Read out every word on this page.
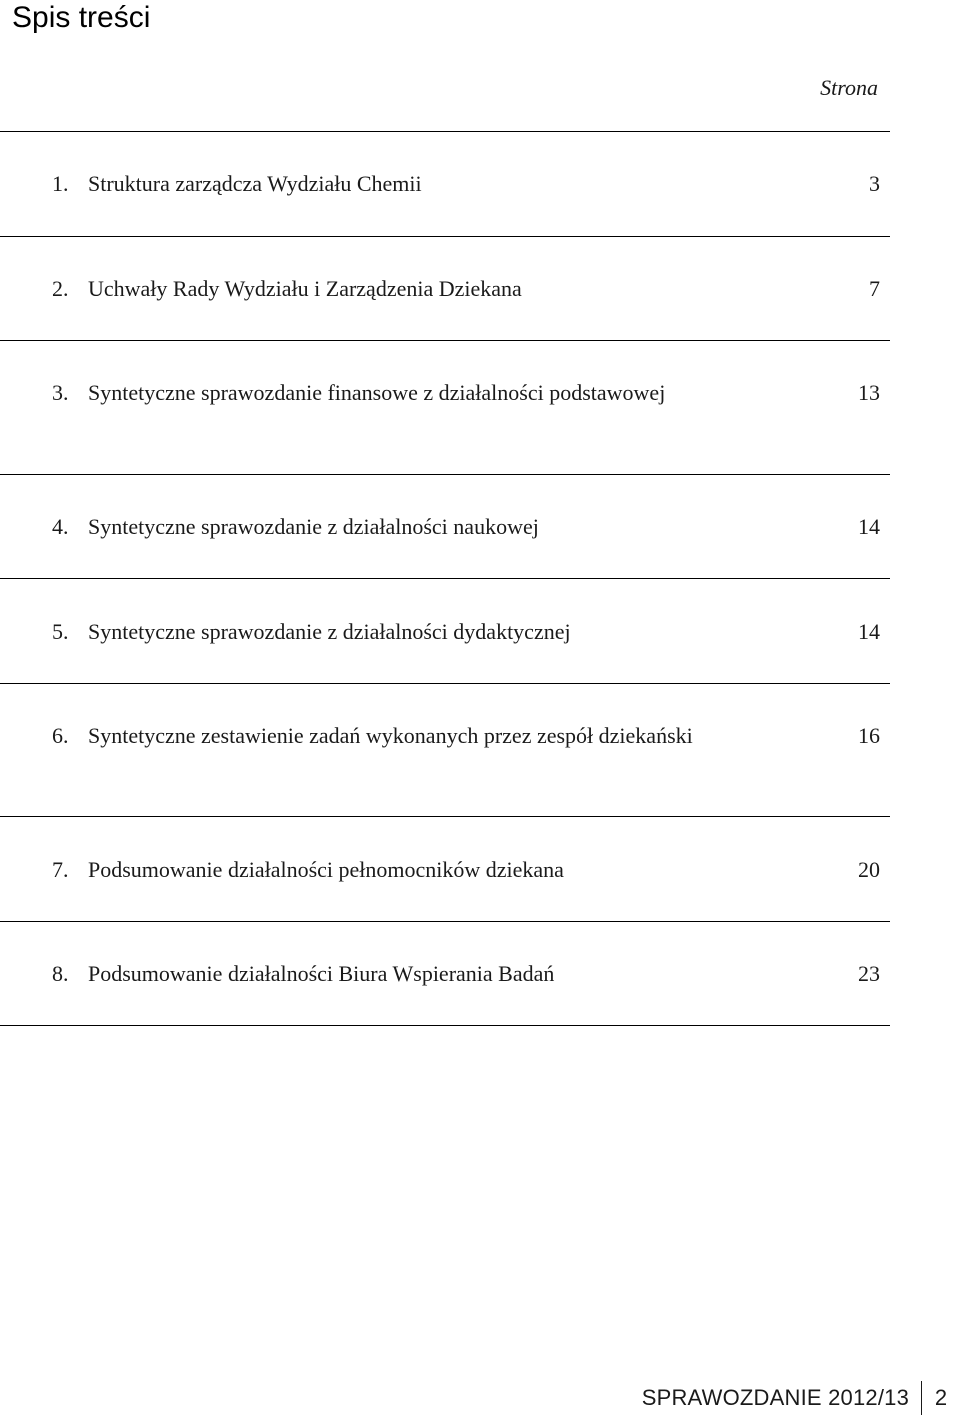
Spis treści
Strona
1. Struktura zarządcza Wydziału Chemii	3
2. Uchwały Rady Wydziału i Zarządzenia Dziekana	7
3. Syntetyczne sprawozdanie finansowe z działalności podstawowej	13
4. Syntetyczne sprawozdanie z działalności naukowej	14
5. Syntetyczne sprawozdanie z działalności dydaktycznej	14
6. Syntetyczne zestawienie zadań wykonanych przez zespół dziekański	16
7. Podsumowanie działalności pełnomocników dziekana	20
8. Podsumowanie działalności Biura Wspierania Badań	23
SPRAWOZDANIE 2012/13	2
